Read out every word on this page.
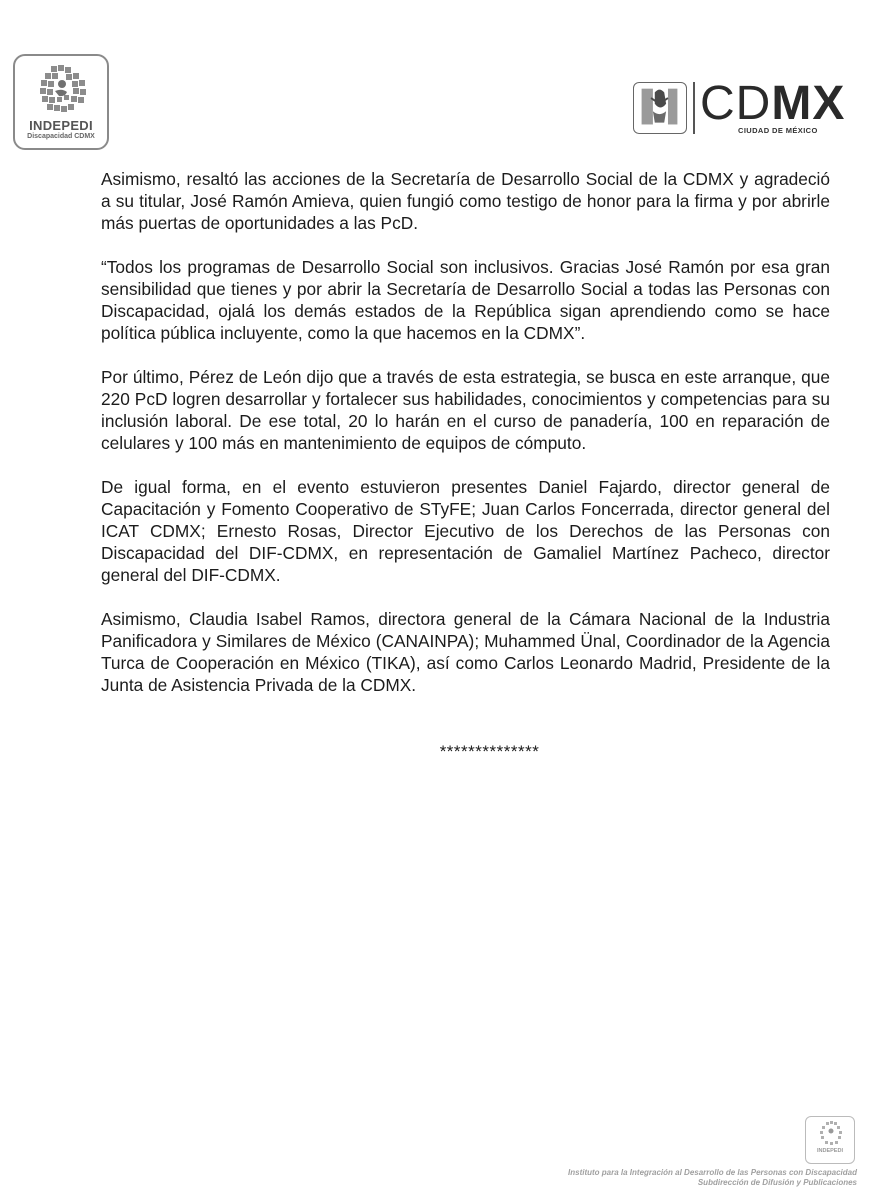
INDEPEDI
Discapacidad CDMX
CDMX
CIUDAD DE MÉXICO

Asimismo, resaltó las acciones de la Secretaría de Desarrollo Social de la CDMX y agradeció a su titular, José Ramón Amieva, quien fungió como testigo de honor para la firma y por abrirle más puertas de oportunidades a las PcD.

“Todos los programas de Desarrollo Social son inclusivos. Gracias José Ramón por esa gran sensibilidad que tienes y por abrir la Secretaría de Desarrollo Social a todas las Personas con Discapacidad, ojalá los demás estados de la República sigan aprendiendo como se hace política pública incluyente, como la que hacemos en la CDMX”.

Por último, Pérez de León dijo que a través de esta estrategia, se busca en este arranque, que 220 PcD logren desarrollar y fortalecer sus habilidades, conocimientos y competencias para su inclusión laboral. De ese total, 20 lo harán en el curso de panadería, 100 en reparación de celulares y 100 más en mantenimiento de equipos de cómputo.

De igual forma, en el evento estuvieron presentes Daniel Fajardo, director general de Capacitación y Fomento Cooperativo de STyFE; Juan Carlos Foncerrada, director general del ICAT CDMX; Ernesto Rosas, Director Ejecutivo de los Derechos de las Personas con Discapacidad del DIF-CDMX, en representación de Gamaliel Martínez Pacheco, director general del DIF-CDMX.

Asimismo, Claudia Isabel Ramos, directora general de la Cámara Nacional de la Industria Panificadora y Similares de México (CANAINPA); Muhammed Ünal, Coordinador de la Agencia Turca de Cooperación en México (TIKA), así como Carlos Leonardo Madrid, Presidente de la Junta de Asistencia Privada de la CDMX.

**************
INDEPEDI
Instituto para la Integración al Desarrollo de las Personas con Discapacidad
Subdirección de Difusión y Publicaciones
